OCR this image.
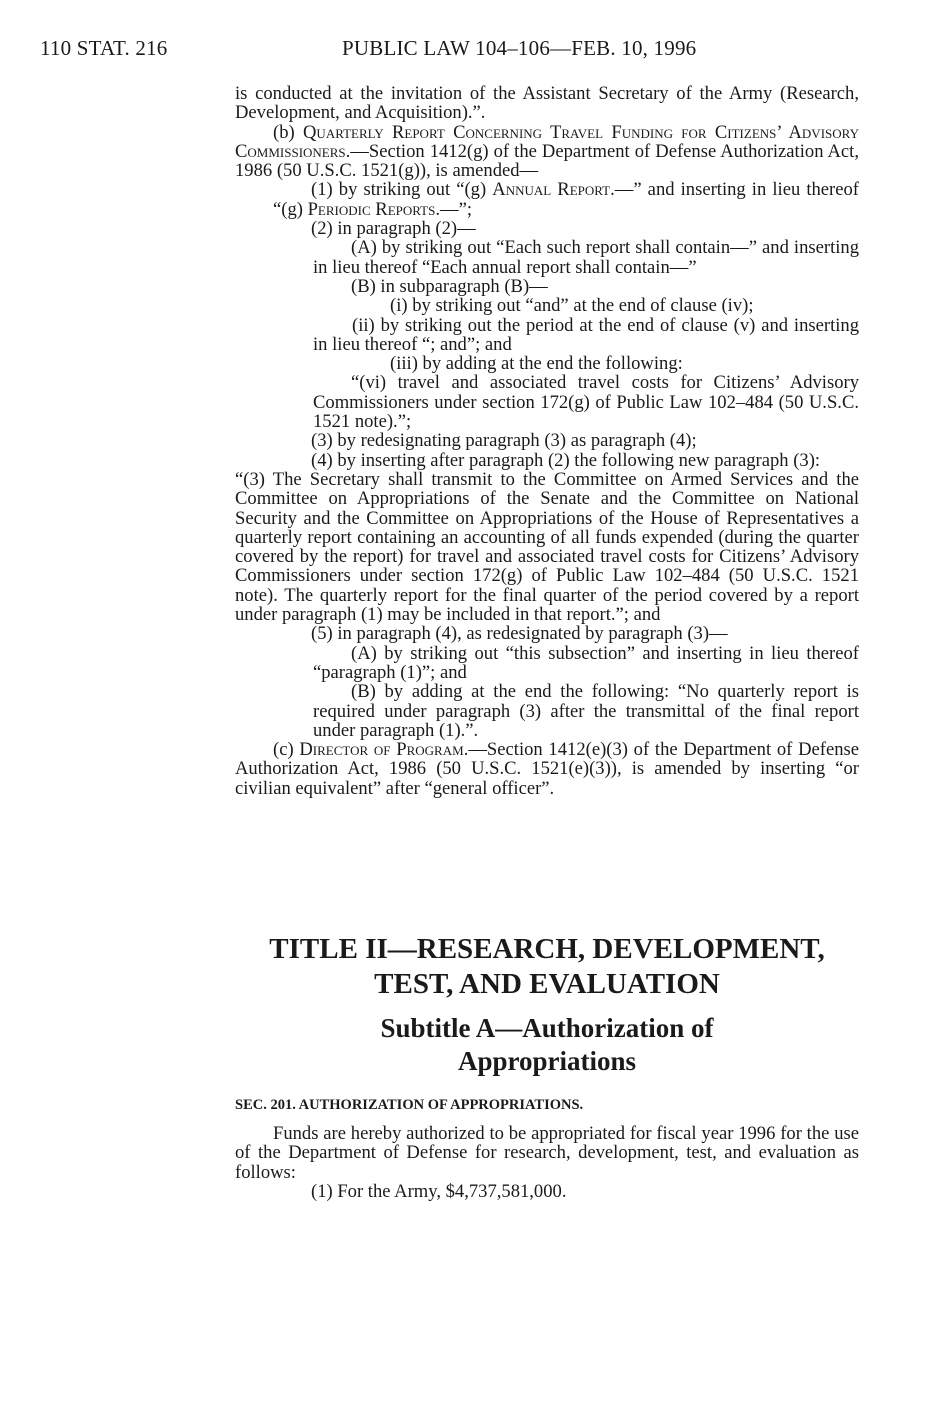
110 STAT. 216	PUBLIC LAW 104–106—FEB. 10, 1996

is conducted at the invitation of the Assistant Secretary of the Army (Research, Development, and Acquisition).”.

(b) Quarterly Report Concerning Travel Funding for Citizens’ Advisory Commissioners.—Section 1412(g) of the Department of Defense Authorization Act, 1986 (50 U.S.C. 1521(g)), is amended—

(1) by striking out “(g) Annual Report.—” and inserting in lieu thereof “(g) Periodic Reports.—”;

(2) in paragraph (2)—

(A) by striking out “Each such report shall contain—” and inserting in lieu thereof “Each annual report shall contain—”

(B) in subparagraph (B)—

(i) by striking out “and” at the end of clause (iv);

(ii) by striking out the period at the end of clause (v) and inserting in lieu thereof “; and”; and

(iii) by adding at the end the following:

“(vi) travel and associated travel costs for Citizens’ Advisory Commissioners under section 172(g) of Public Law 102–484 (50 U.S.C. 1521 note).”;

(3) by redesignating paragraph (3) as paragraph (4);

(4) by inserting after paragraph (2) the following new paragraph (3):

“(3) The Secretary shall transmit to the Committee on Armed Services and the Committee on Appropriations of the Senate and the Committee on National Security and the Committee on Appropriations of the House of Representatives a quarterly report containing an accounting of all funds expended (during the quarter covered by the report) for travel and associated travel costs for Citizens’ Advisory Commissioners under section 172(g) of Public Law 102–484 (50 U.S.C. 1521 note). The quarterly report for the final quarter of the period covered by a report under paragraph (1) may be included in that report.”; and

(5) in paragraph (4), as redesignated by paragraph (3)—

(A) by striking out “this subsection” and inserting in lieu thereof “paragraph (1)”; and

(B) by adding at the end the following: “No quarterly report is required under paragraph (3) after the transmittal of the final report under paragraph (1).”.

(c) Director of Program.—Section 1412(e)(3) of the Department of Defense Authorization Act, 1986 (50 U.S.C. 1521(e)(3)), is amended by inserting “or civilian equivalent” after “general officer”.

TITLE II—RESEARCH, DEVELOPMENT,
TEST, AND EVALUATION
Subtitle A—Authorization of
Appropriations
SEC. 201. AUTHORIZATION OF APPROPRIATIONS.

Funds are hereby authorized to be appropriated for fiscal year 1996 for the use of the Department of Defense for research, development, test, and evaluation as follows:

(1) For the Army, $4,737,581,000.
